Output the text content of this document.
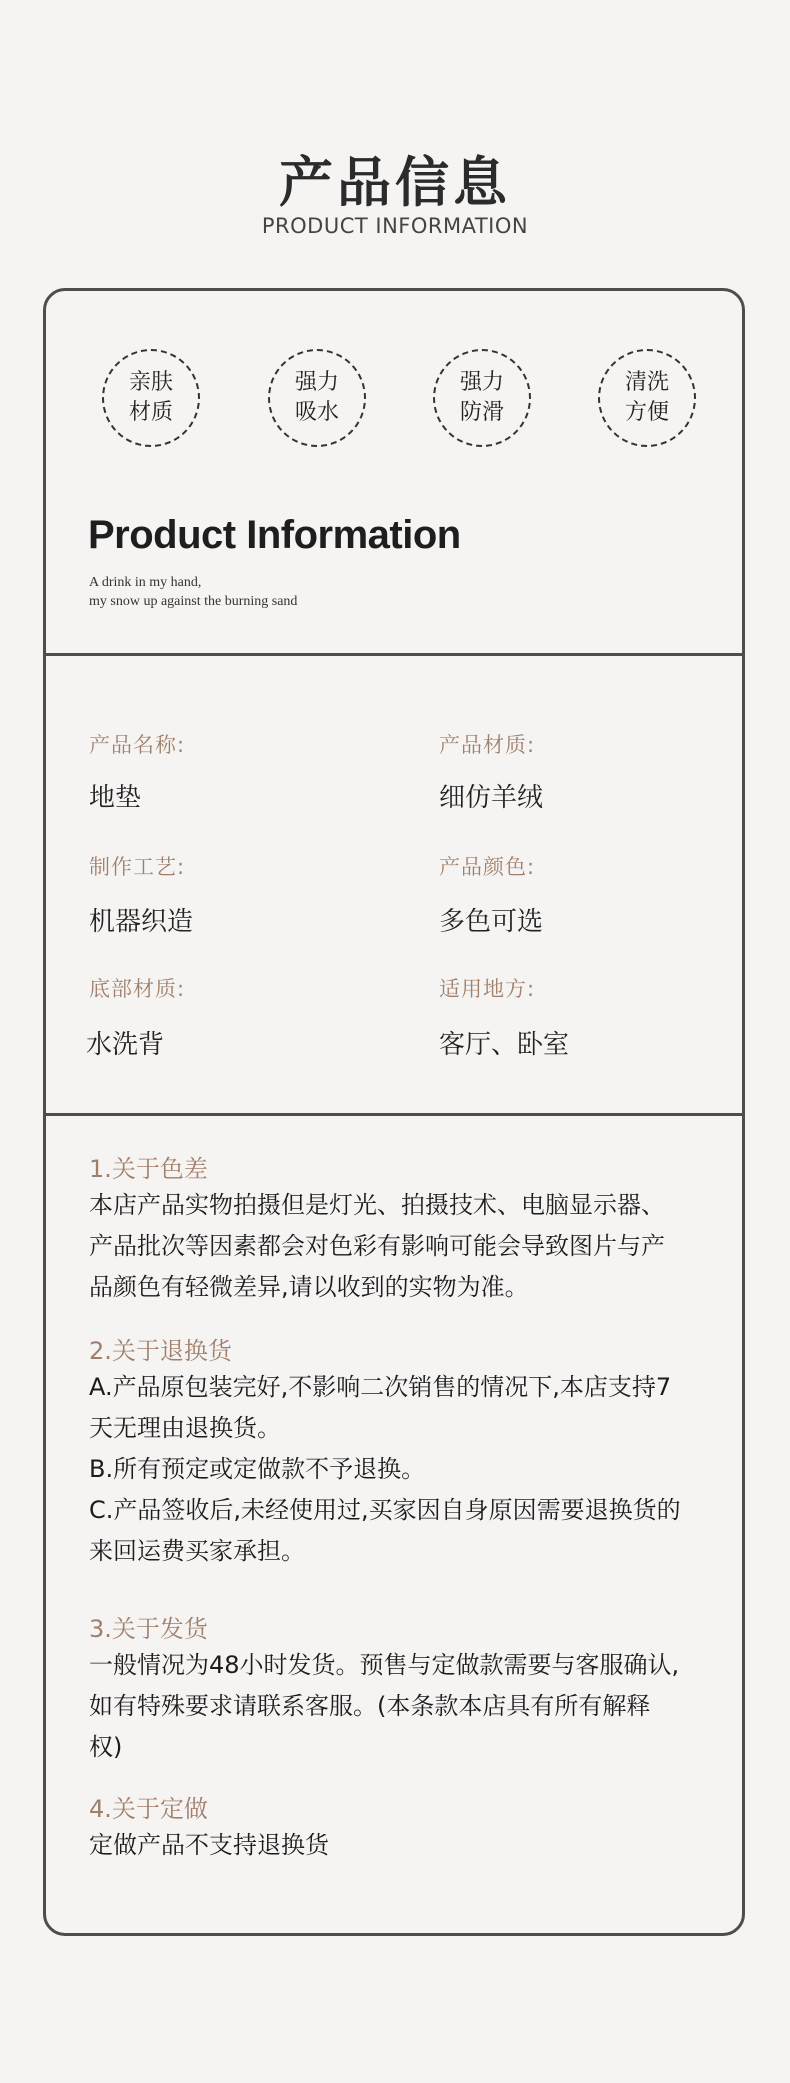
产品信息
PRODUCT INFORMATION
亲肤
材质
强力
吸水
强力
防滑
清洗
方便
Product Information
A drink in my hand,
my snow up against the burning sand
产品名称:
地垫
产品材质:
细仿羊绒
制作工艺:
机器织造
产品颜色:
多色可选
底部材质:
水洗背
适用地方:
客厅、卧室
1.关于色差
本店产品实物拍摄但是灯光、拍摄技术、电脑显示器、
产品批次等因素都会对色彩有影响可能会导致图片与产
品颜色有轻微差异,请以收到的实物为准。
2.关于退换货
A.产品原包装完好,不影响二次销售的情况下,本店支持7
天无理由退换货。
B.所有预定或定做款不予退换。
C.产品签收后,未经使用过,买家因自身原因需要退换货的
来回运费买家承担。
3.关于发货
一般情况为48小时发货。预售与定做款需要与客服确认,
如有特殊要求请联系客服。(本条款本店具有所有解释
权)
4.关于定做
定做产品不支持退换货
